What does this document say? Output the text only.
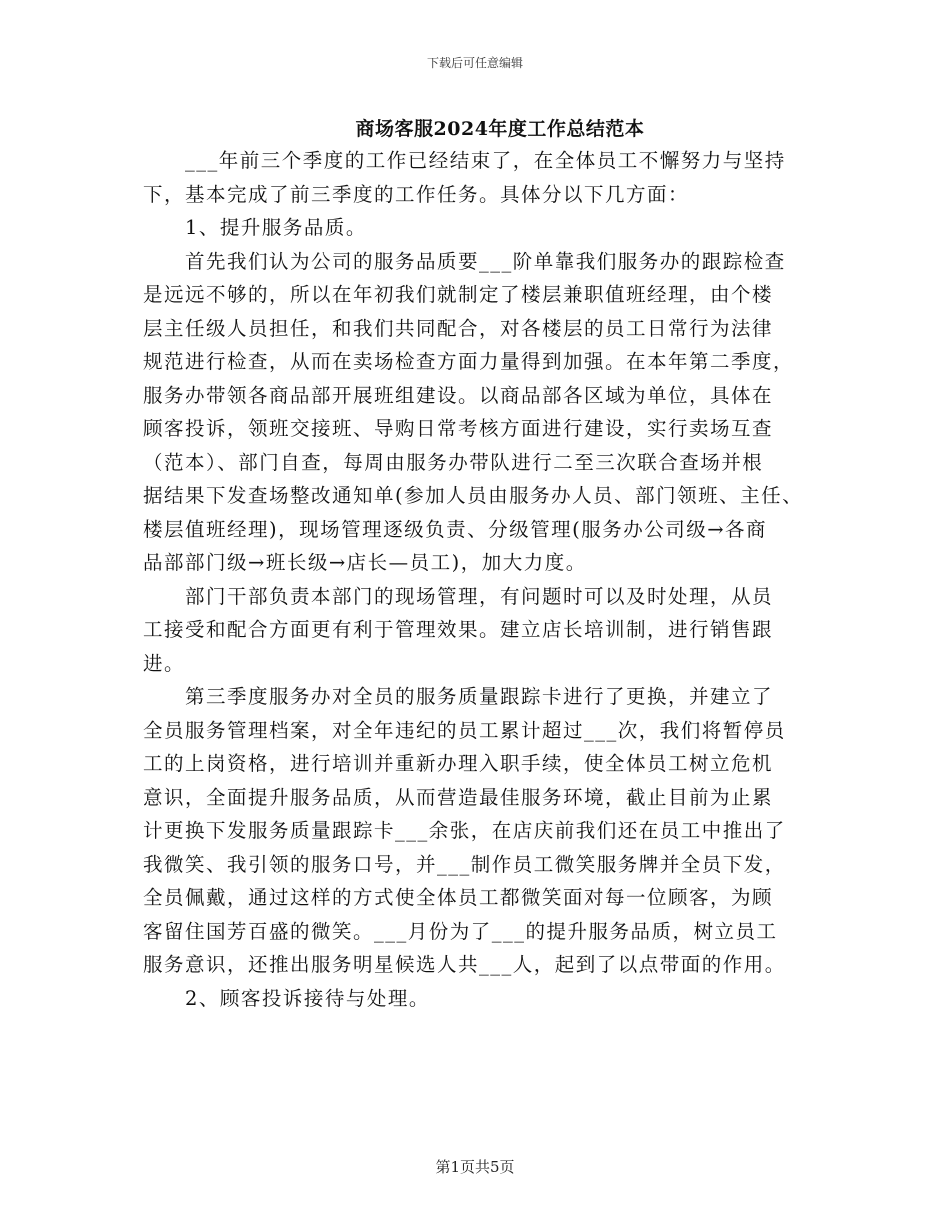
下载后可任意编辑
商场客服2024年度工作总结范本
___年前三个季度的工作已经结束了，在全体员工不懈努力与坚持
下，基本完成了前三季度的工作任务。具体分以下几方面：
1、提升服务品质。
首先我们认为公司的服务品质要___阶单靠我们服务办的跟踪检查
是远远不够的，所以在年初我们就制定了楼层兼职值班经理，由个楼
层主任级人员担任，和我们共同配合，对各楼层的员工日常行为法律
规范进行检查，从而在卖场检查方面力量得到加强。在本年第二季度，
服务办带领各商品部开展班组建设。以商品部各区域为单位，具体在
顾客投诉，领班交接班、导购日常考核方面进行建设，实行卖场互查
（范本）、部门自查，每周由服务办带队进行二至三次联合查场并根
据结果下发查场整改通知单(参加人员由服务办人员、部门领班、主任、
楼层值班经理)，现场管理逐级负责、分级管理(服务办公司级→各商
品部部门级→班长级→店长—员工)，加大力度。
部门干部负责本部门的现场管理，有问题时可以及时处理，从员
工接受和配合方面更有利于管理效果。建立店长培训制，进行销售跟
进。
第三季度服务办对全员的服务质量跟踪卡进行了更换，并建立了
全员服务管理档案，对全年违纪的员工累计超过___次，我们将暂停员
工的上岗资格，进行培训并重新办理入职手续，使全体员工树立危机
意识，全面提升服务品质，从而营造最佳服务环境，截止目前为止累
计更换下发服务质量跟踪卡___余张，在店庆前我们还在员工中推出了
我微笑、我引领的服务口号，并___制作员工微笑服务牌并全员下发，
全员佩戴，通过这样的方式使全体员工都微笑面对每一位顾客，为顾
客留住国芳百盛的微笑。___月份为了___的提升服务品质，树立员工
服务意识，还推出服务明星候选人共___人，起到了以点带面的作用。
2、顾客投诉接待与处理。
第1页共5页
